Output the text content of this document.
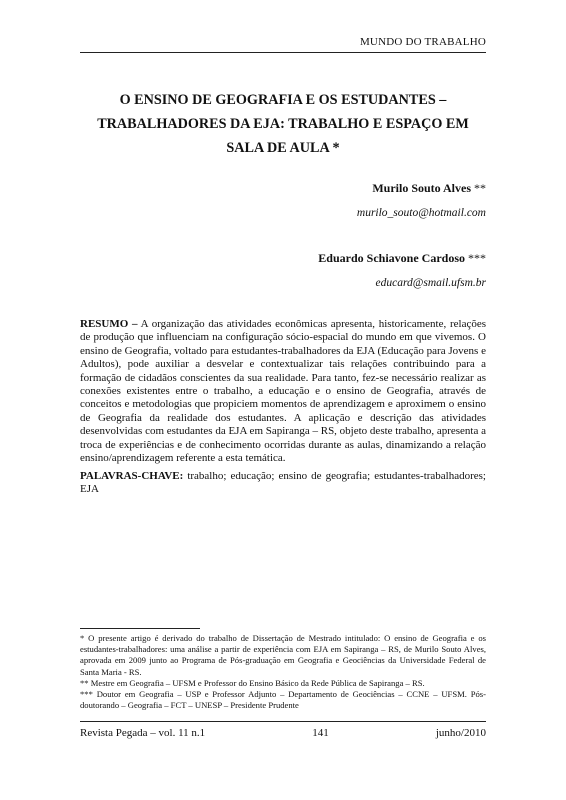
MUNDO DO TRABALHO
O ENSINO DE GEOGRAFIA E OS ESTUDANTES –
TRABALHADORES DA EJA: TRABALHO E ESPAÇO EM
SALA DE AULA *
Murilo Souto Alves **
murilo_souto@hotmail.com
Eduardo Schiavone Cardoso ***
educard@smail.ufsm.br
RESUMO – A organização das atividades econômicas apresenta, historicamente, relações de produção que influenciam na configuração sócio-espacial do mundo em que vivemos. O ensino de Geografia, voltado para estudantes-trabalhadores da EJA (Educação para Jovens e Adultos), pode auxiliar a desvelar e contextualizar tais relações contribuindo para a formação de cidadãos conscientes da sua realidade. Para tanto, fez-se necessário realizar as conexões existentes entre o trabalho, a educação e o ensino de Geografia, através de conceitos e metodologias que propiciem momentos de aprendizagem e aproximem o ensino de Geografia da realidade dos estudantes. A aplicação e descrição das atividades desenvolvidas com estudantes da EJA em Sapiranga – RS, objeto deste trabalho, apresenta a troca de experiências e de conhecimento ocorridas durante as aulas, dinamizando a relação ensino/aprendizagem referente a esta temática.
PALAVRAS-CHAVE: trabalho; educação; ensino de geografia; estudantes-trabalhadores; EJA

* O presente artigo é derivado do trabalho de Dissertação de Mestrado intitulado: O ensino de Geografia e os estudantes-trabalhadores: uma análise a partir de experiência com EJA em Sapiranga – RS, de Murilo Souto Alves, aprovada em 2009 junto ao Programa de Pós-graduação em Geografia e Geociências da Universidade Federal de Santa Maria - RS.

** Mestre em Geografia – UFSM e Professor do Ensino Básico da Rede Pública de Sapiranga – RS.

*** Doutor em Geografia – USP e Professor Adjunto – Departamento de Geociências – CCNE – UFSM. Pós-doutorando – Geografia – FCT – UNESP – Presidente Prudente

Revista Pegada – vol. 11 n.1	141	junho/2010
